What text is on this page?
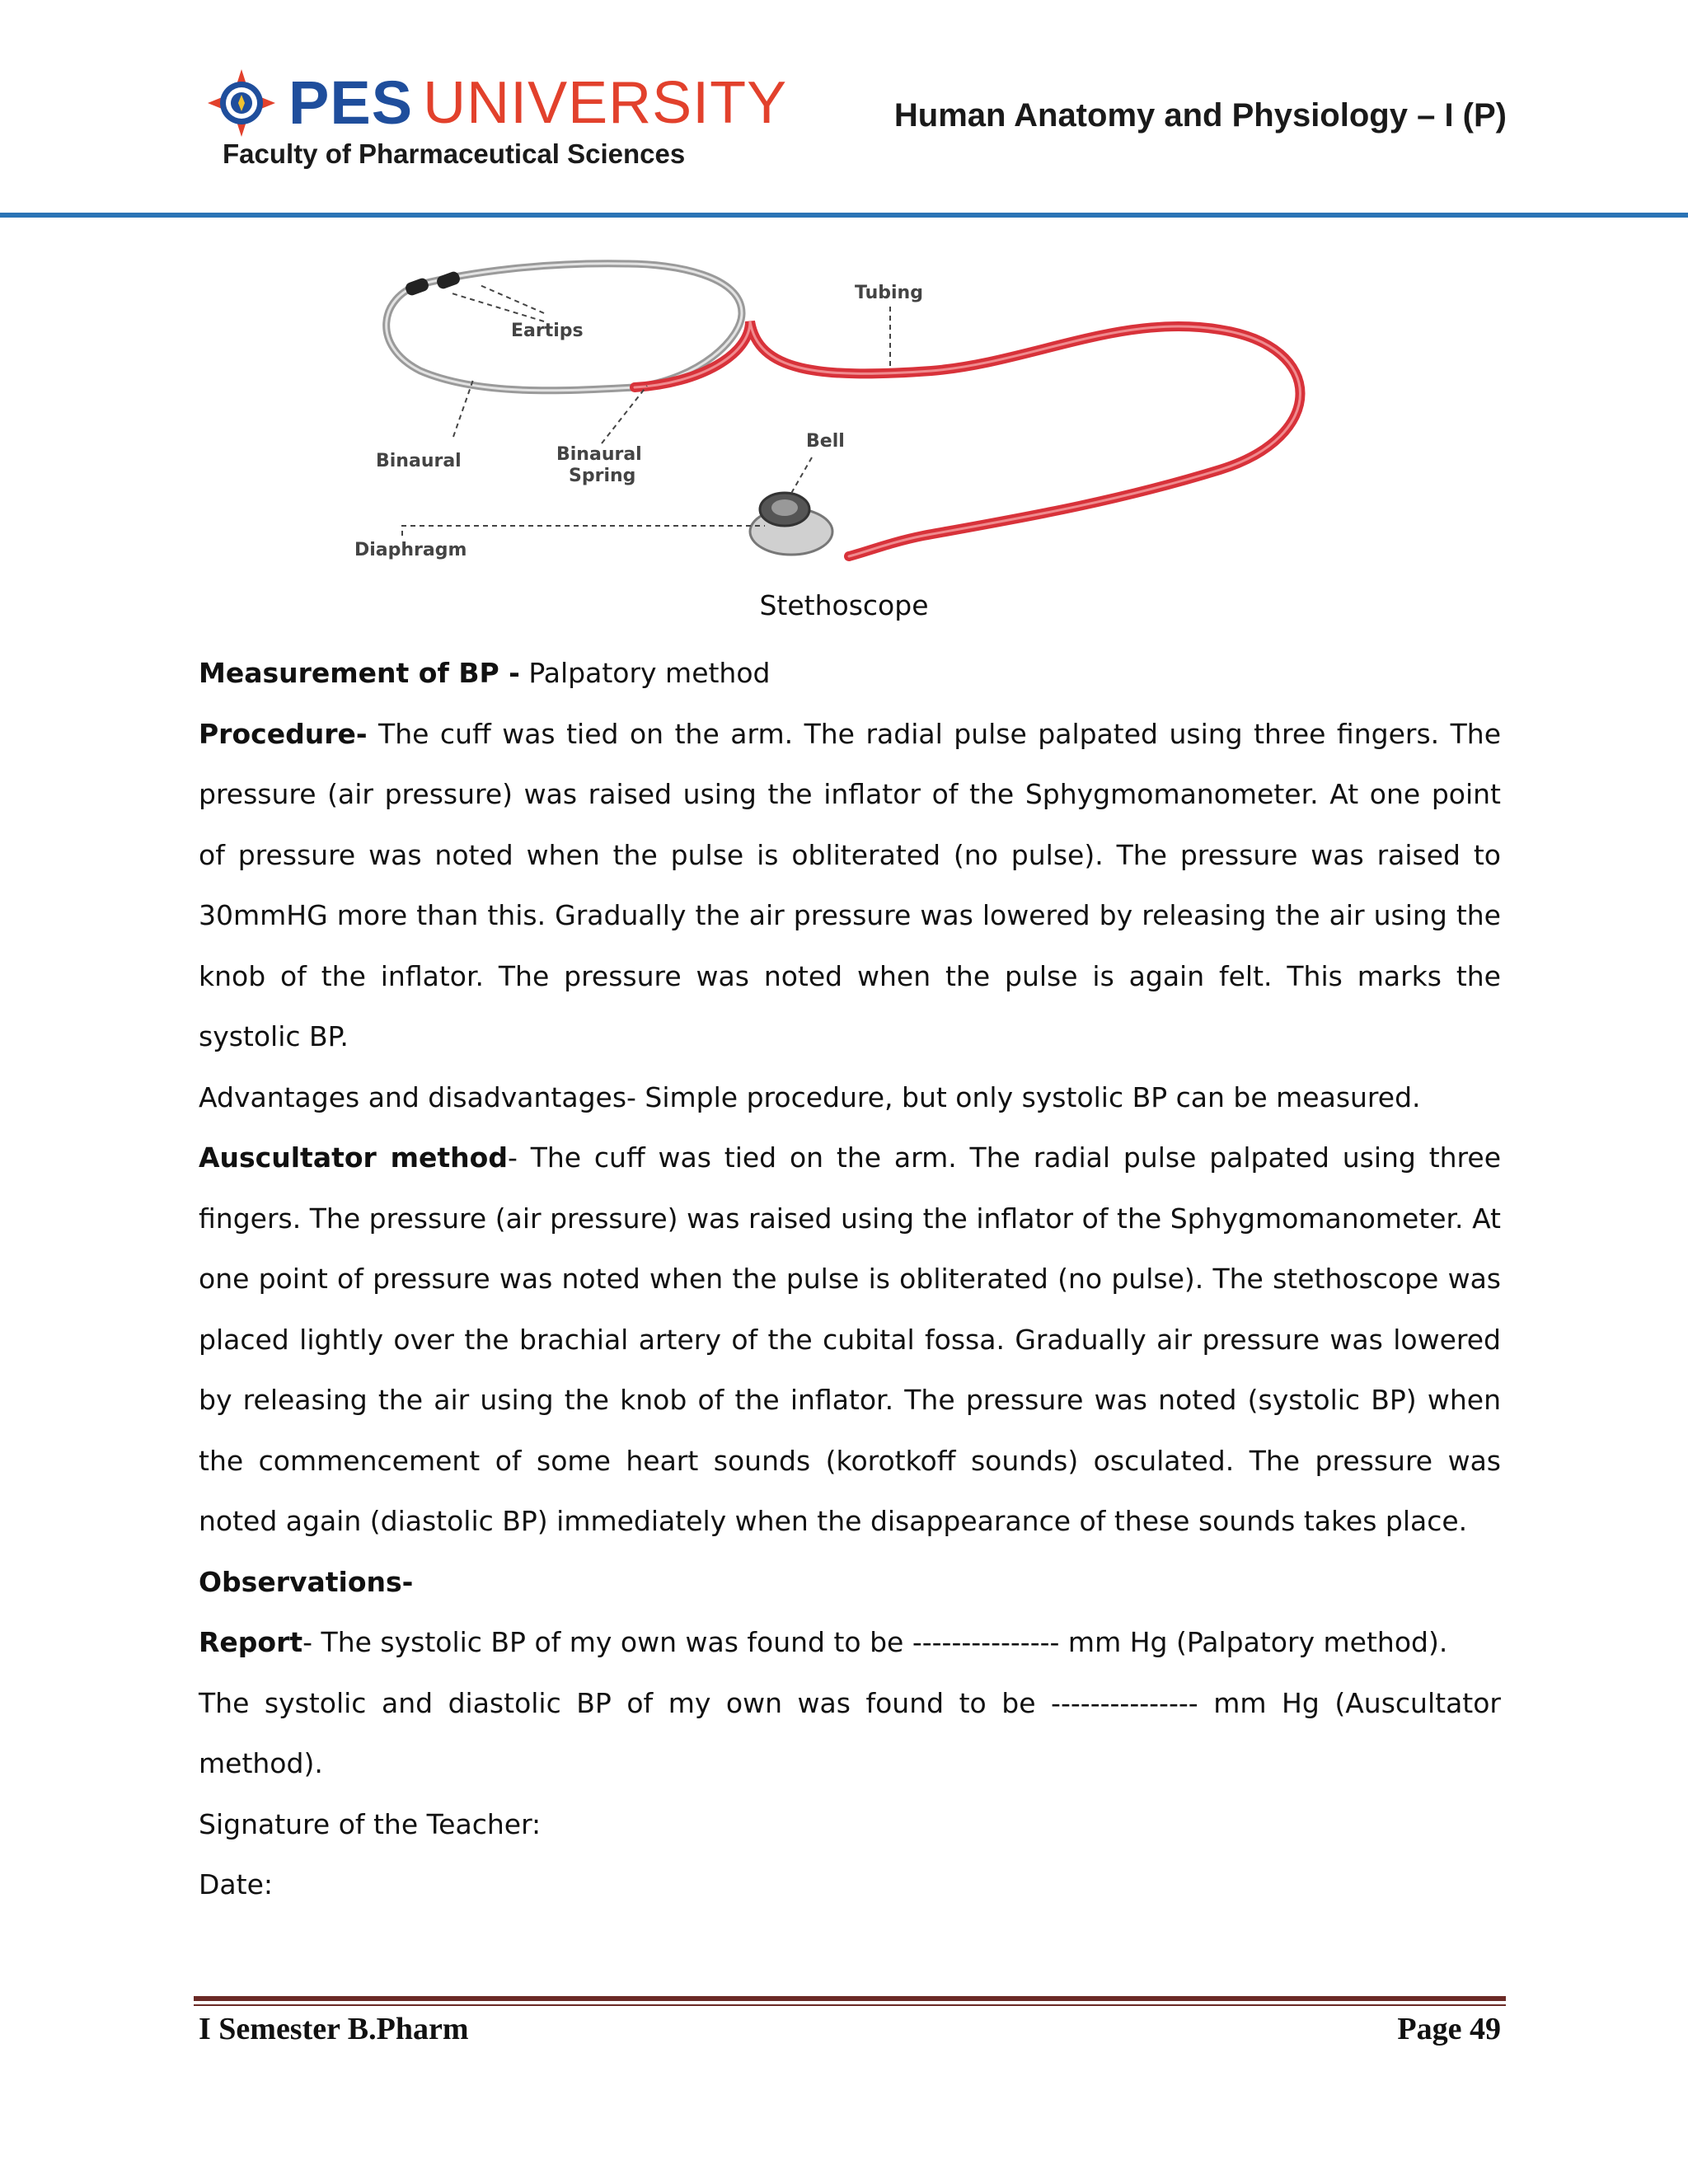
PES UNIVERSITY
Faculty of Pharmaceutical Sciences
Human Anatomy and Physiology – I (P)
Eartips
Tubing
Binaural	Binaural
Spring
Bell
Diaphragm
Stethoscope

Measurement of BP - Palpatory method

Procedure- The cuff was tied on the arm. The radial pulse palpated using three fingers. The pressure (air pressure) was raised using the inflator of the Sphygmomanometer. At one point of pressure was noted when the pulse is obliterated (no pulse). The pressure was raised to 30mmHG more than this. Gradually the air pressure was lowered by releasing the air using the knob of the inflator. The pressure was noted when the pulse is again felt. This marks the systolic BP.

Advantages and disadvantages- Simple procedure, but only systolic BP can be measured.

Auscultator method- The cuff was tied on the arm. The radial pulse palpated using three fingers. The pressure (air pressure) was raised using the inflator of the Sphygmomanometer. At one point of pressure was noted when the pulse is obliterated (no pulse). The stethoscope was placed lightly over the brachial artery of the cubital fossa. Gradually air pressure was lowered by releasing the air using the knob of the inflator. The pressure was noted (systolic BP) when the commencement of some heart sounds (korotkoff sounds) osculated. The pressure was noted again (diastolic BP) immediately when the disappearance of these sounds takes place.

Observations-

Report- The systolic BP of my own was found to be --------------- mm Hg (Palpatory method).

The systolic and diastolic BP of my own was found to be --------------- mm Hg (Auscultator method).

Signature of the Teacher:

Date:

I Semester B.Pharm	Page 49
